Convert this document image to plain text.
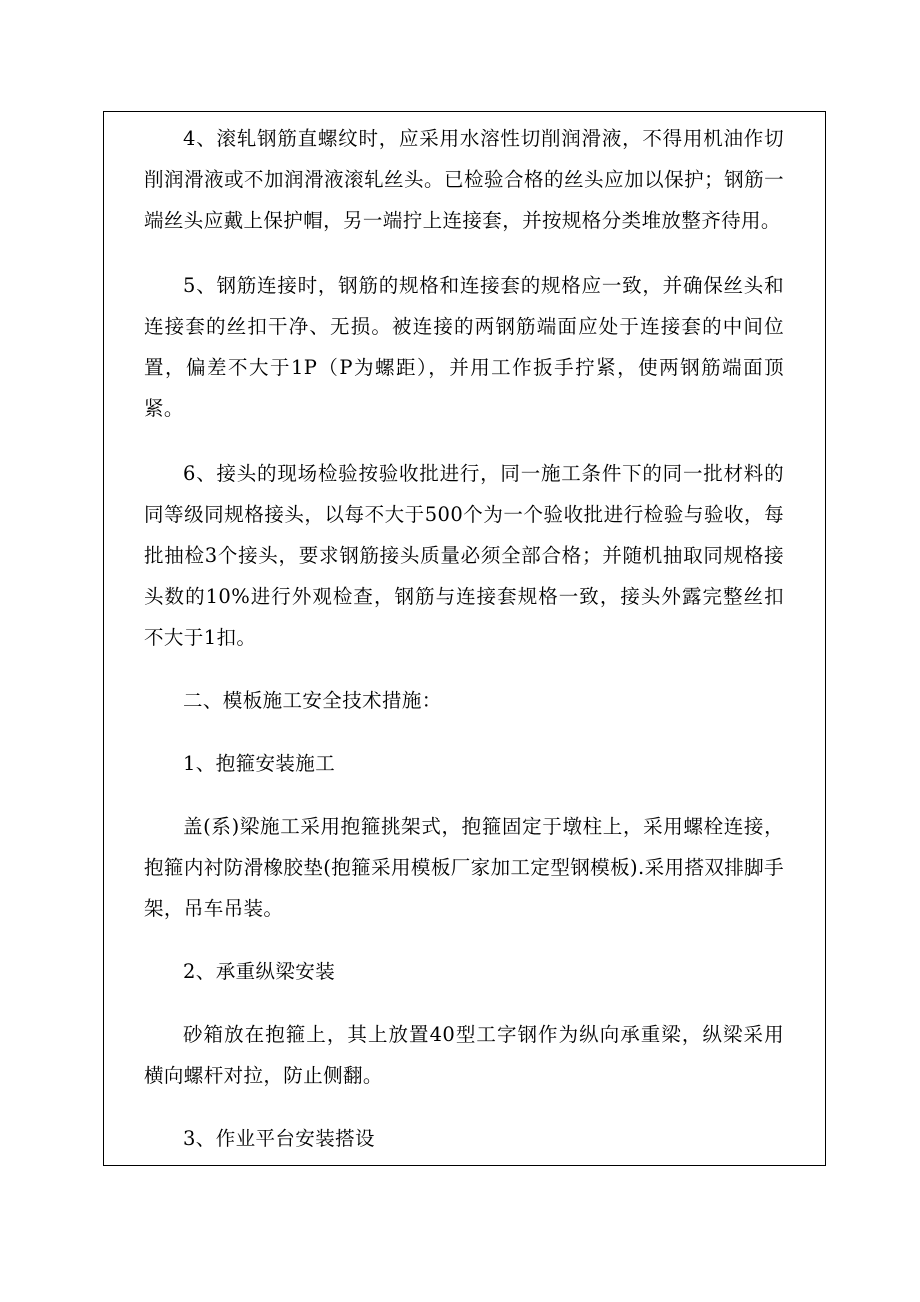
4、滚轧钢筋直螺纹时，应采用水溶性切削润滑液，不得用机油作切削润滑液或不加润滑液滚轧丝头。已检验合格的丝头应加以保护；钢筋一端丝头应戴上保护帽，另一端拧上连接套，并按规格分类堆放整齐待用。

5、钢筋连接时，钢筋的规格和连接套的规格应一致，并确保丝头和连接套的丝扣干净、无损。被连接的两钢筋端面应处于连接套的中间位置，偏差不大于1P（P为螺距），并用工作扳手拧紧，使两钢筋端面顶紧。

6、接头的现场检验按验收批进行，同一施工条件下的同一批材料的同等级同规格接头，以每不大于500个为一个验收批进行检验与验收，每批抽检3个接头，要求钢筋接头质量必须全部合格；并随机抽取同规格接头数的10%进行外观检查，钢筋与连接套规格一致，接头外露完整丝扣不大于1扣。

二、模板施工安全技术措施：

1、抱箍安装施工

盖(系)梁施工采用抱箍挑架式，抱箍固定于墩柱上，采用螺栓连接，抱箍内衬防滑橡胶垫(抱箍采用模板厂家加工定型钢模板).采用搭双排脚手架，吊车吊装。

2、承重纵梁安装

砂箱放在抱箍上，其上放置40型工字钢作为纵向承重梁，纵梁采用横向螺杆对拉，防止侧翻。

3、作业平台安装搭设
